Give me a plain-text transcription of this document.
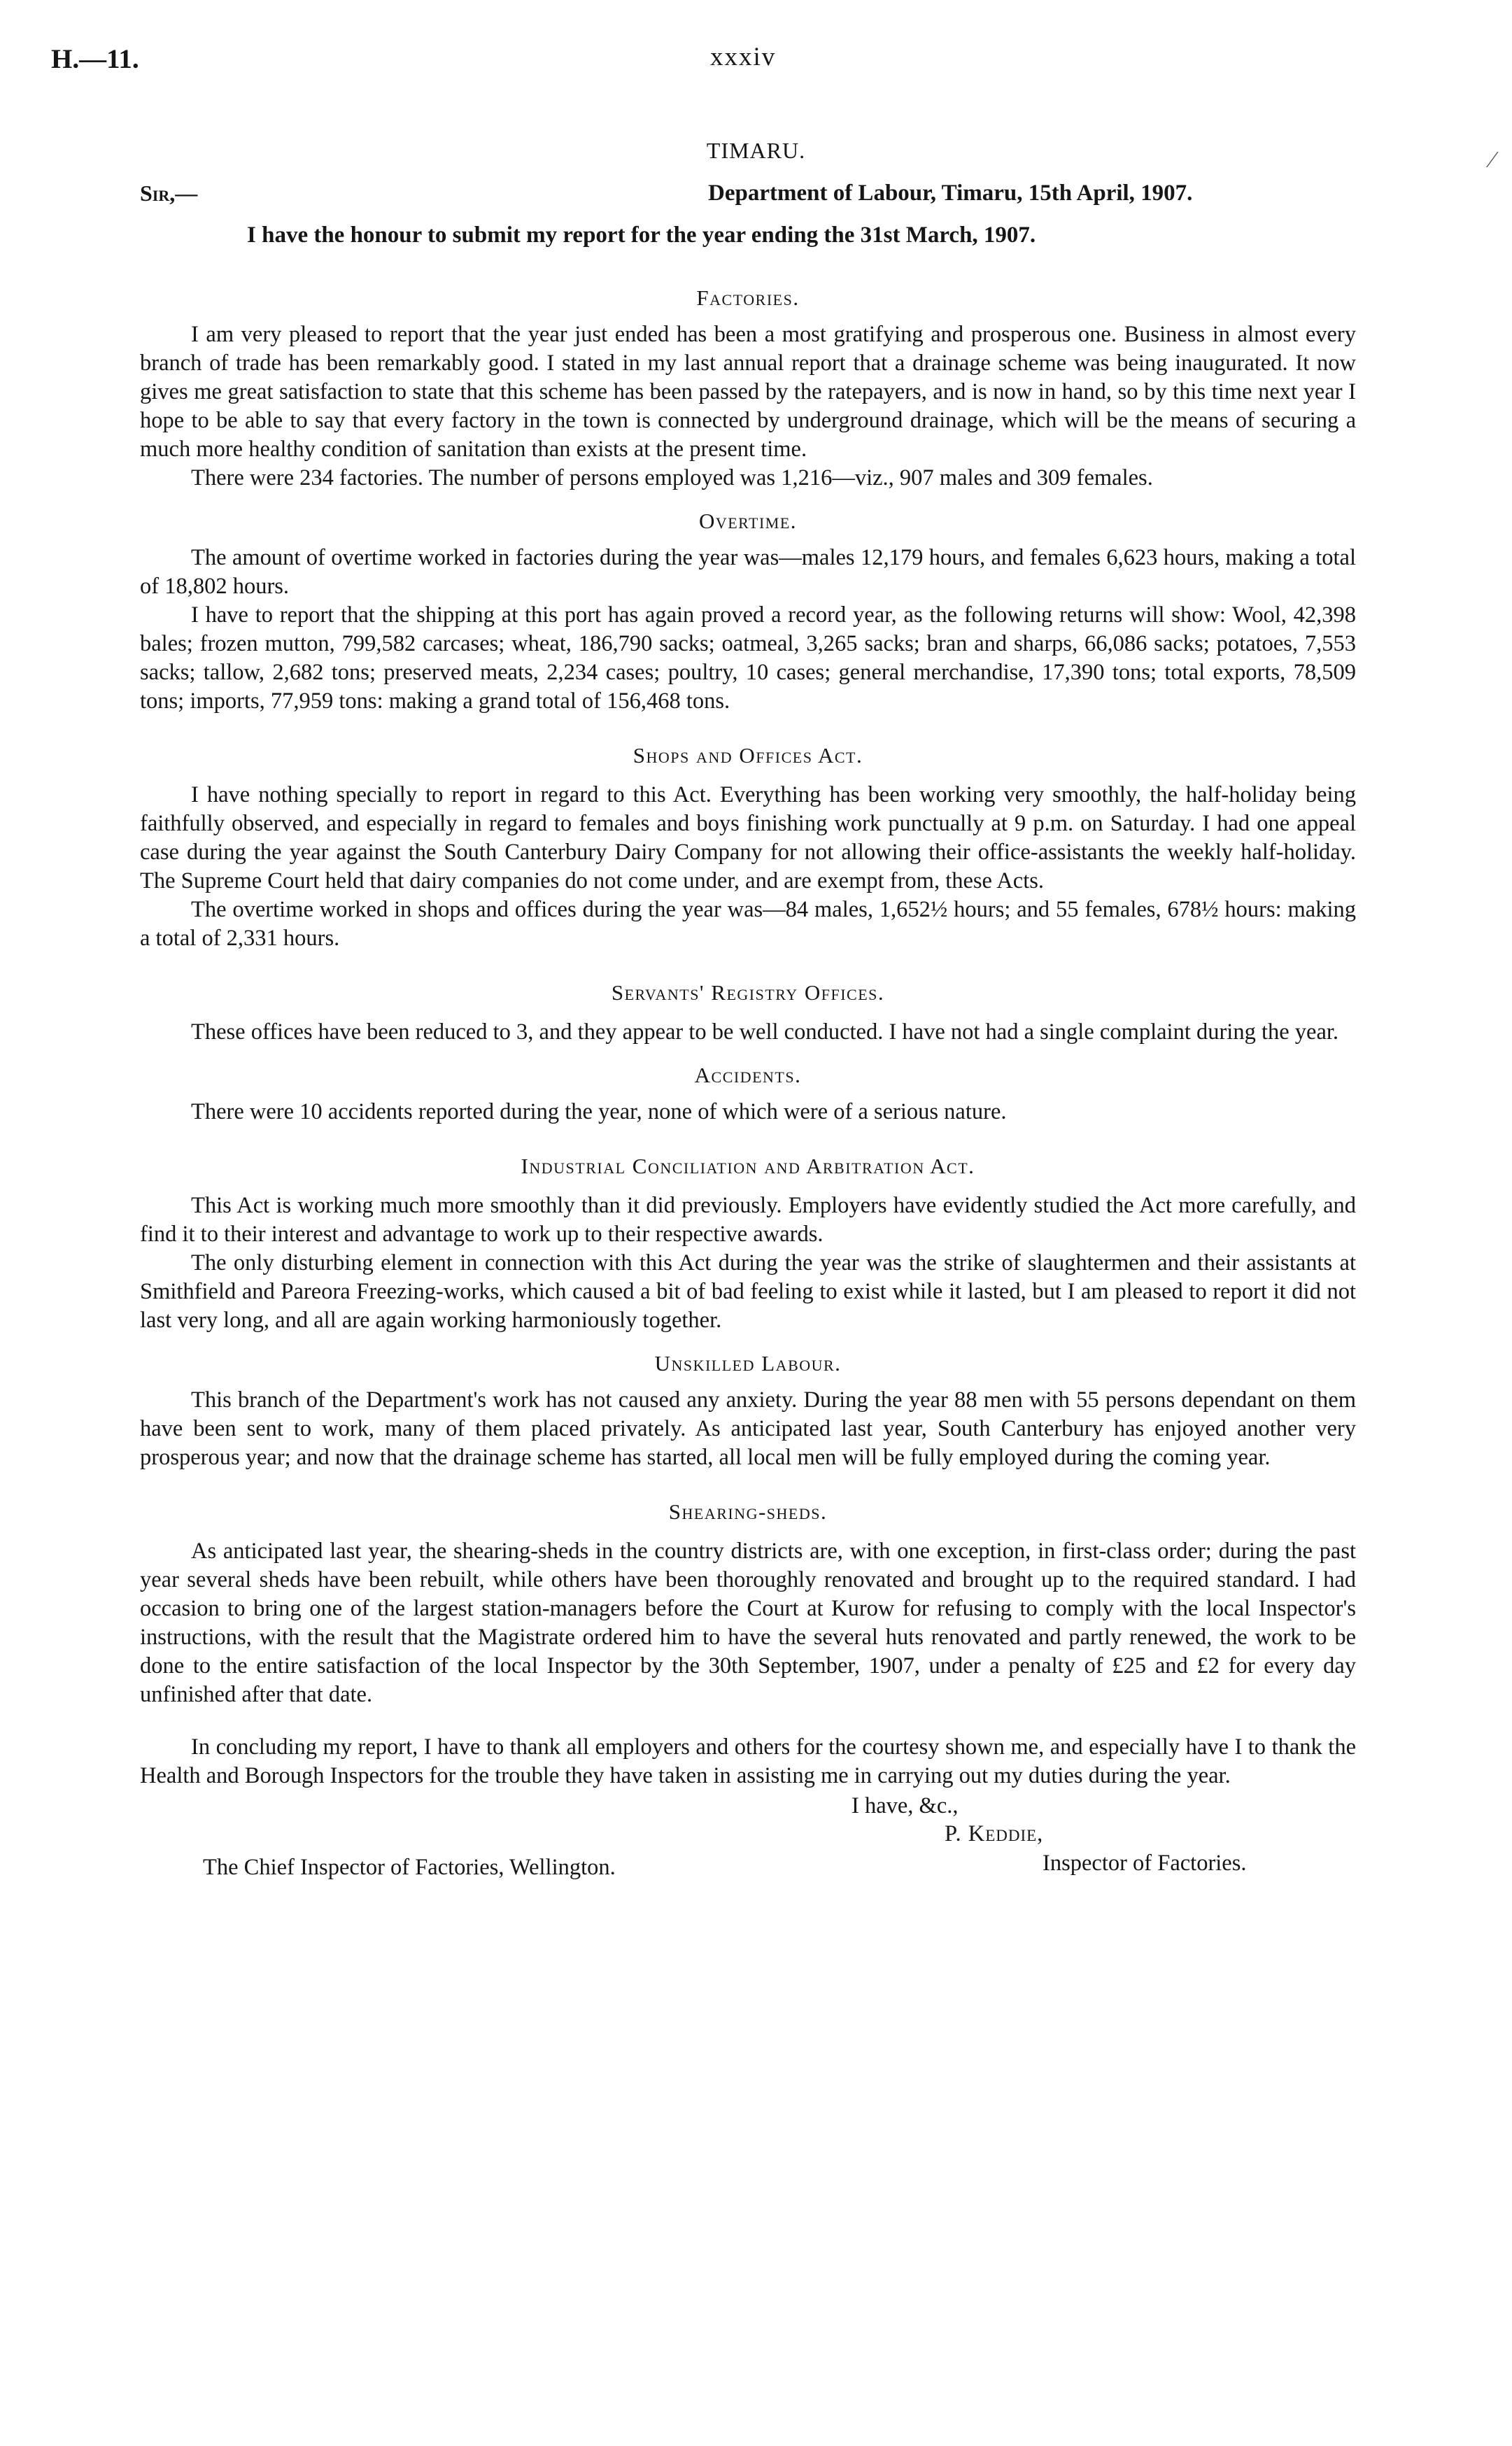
H.—11.	xxxiv
⁄
TIMARU.
Sir,—	Department of Labour, Timaru, 15th April, 1907.
I have the honour to submit my report for the year ending the 31st March, 1907.
Factories.

I am very pleased to report that the year just ended has been a most gratifying and prosperous one. Business in almost every branch of trade has been remarkably good. I stated in my last annual report that a drainage scheme was being inaugurated. It now gives me great satisfaction to state that this scheme has been passed by the ratepayers, and is now in hand, so by this time next year I hope to be able to say that every factory in the town is connected by underground drainage, which will be the means of securing a much more healthy condition of sanitation than exists at the present time.

There were 234 factories. The number of persons employed was 1,216—viz., 907 males and 309 females.

Overtime.

The amount of overtime worked in factories during the year was—males 12,179 hours, and females 6,623 hours, making a total of 18,802 hours.

I have to report that the shipping at this port has again proved a record year, as the following returns will show: Wool, 42,398 bales; frozen mutton, 799,582 carcases; wheat, 186,790 sacks; oatmeal, 3,265 sacks; bran and sharps, 66,086 sacks; potatoes, 7,553 sacks; tallow, 2,682 tons; preserved meats, 2,234 cases; poultry, 10 cases; general merchandise, 17,390 tons; total exports, 78,509 tons; imports, 77,959 tons: making a grand total of 156,468 tons.

Shops and Offices Act.

I have nothing specially to report in regard to this Act. Everything has been working very smoothly, the half-holiday being faithfully observed, and especially in regard to females and boys finishing work punctually at 9 p.m. on Saturday. I had one appeal case during the year against the South Canterbury Dairy Company for not allowing their office-assistants the weekly half-holiday. The Supreme Court held that dairy companies do not come under, and are exempt from, these Acts.

The overtime worked in shops and offices during the year was—84 males, 1,652½ hours; and 55 females, 678½ hours: making a total of 2,331 hours.

Servants' Registry Offices.

These offices have been reduced to 3, and they appear to be well conducted. I have not had a single complaint during the year.

Accidents.

There were 10 accidents reported during the year, none of which were of a serious nature.

Industrial Conciliation and Arbitration Act.

This Act is working much more smoothly than it did previously. Employers have evidently studied the Act more carefully, and find it to their interest and advantage to work up to their respective awards.

The only disturbing element in connection with this Act during the year was the strike of slaughtermen and their assistants at Smithfield and Pareora Freezing-works, which caused a bit of bad feeling to exist while it lasted, but I am pleased to report it did not last very long, and all are again working harmoniously together.

Unskilled Labour.

This branch of the Department's work has not caused any anxiety. During the year 88 men with 55 persons dependant on them have been sent to work, many of them placed privately. As anticipated last year, South Canterbury has enjoyed another very prosperous year; and now that the drainage scheme has started, all local men will be fully employed during the coming year.

Shearing-sheds.

As anticipated last year, the shearing-sheds in the country districts are, with one exception, in first-class order; during the past year several sheds have been rebuilt, while others have been thoroughly renovated and brought up to the required standard. I had occasion to bring one of the largest station-managers before the Court at Kurow for refusing to comply with the local Inspector's instructions, with the result that the Magistrate ordered him to have the several huts renovated and partly renewed, the work to be done to the entire satisfaction of the local Inspector by the 30th September, 1907, under a penalty of £25 and £2 for every day unfinished after that date.

In concluding my report, I have to thank all employers and others for the courtesy shown me, and especially have I to thank the Health and Borough Inspectors for the trouble they have taken in assisting me in carrying out my duties during the year.

I have, &c.,
P. Keddie,
Inspector of Factories.
The Chief Inspector of Factories, Wellington.
